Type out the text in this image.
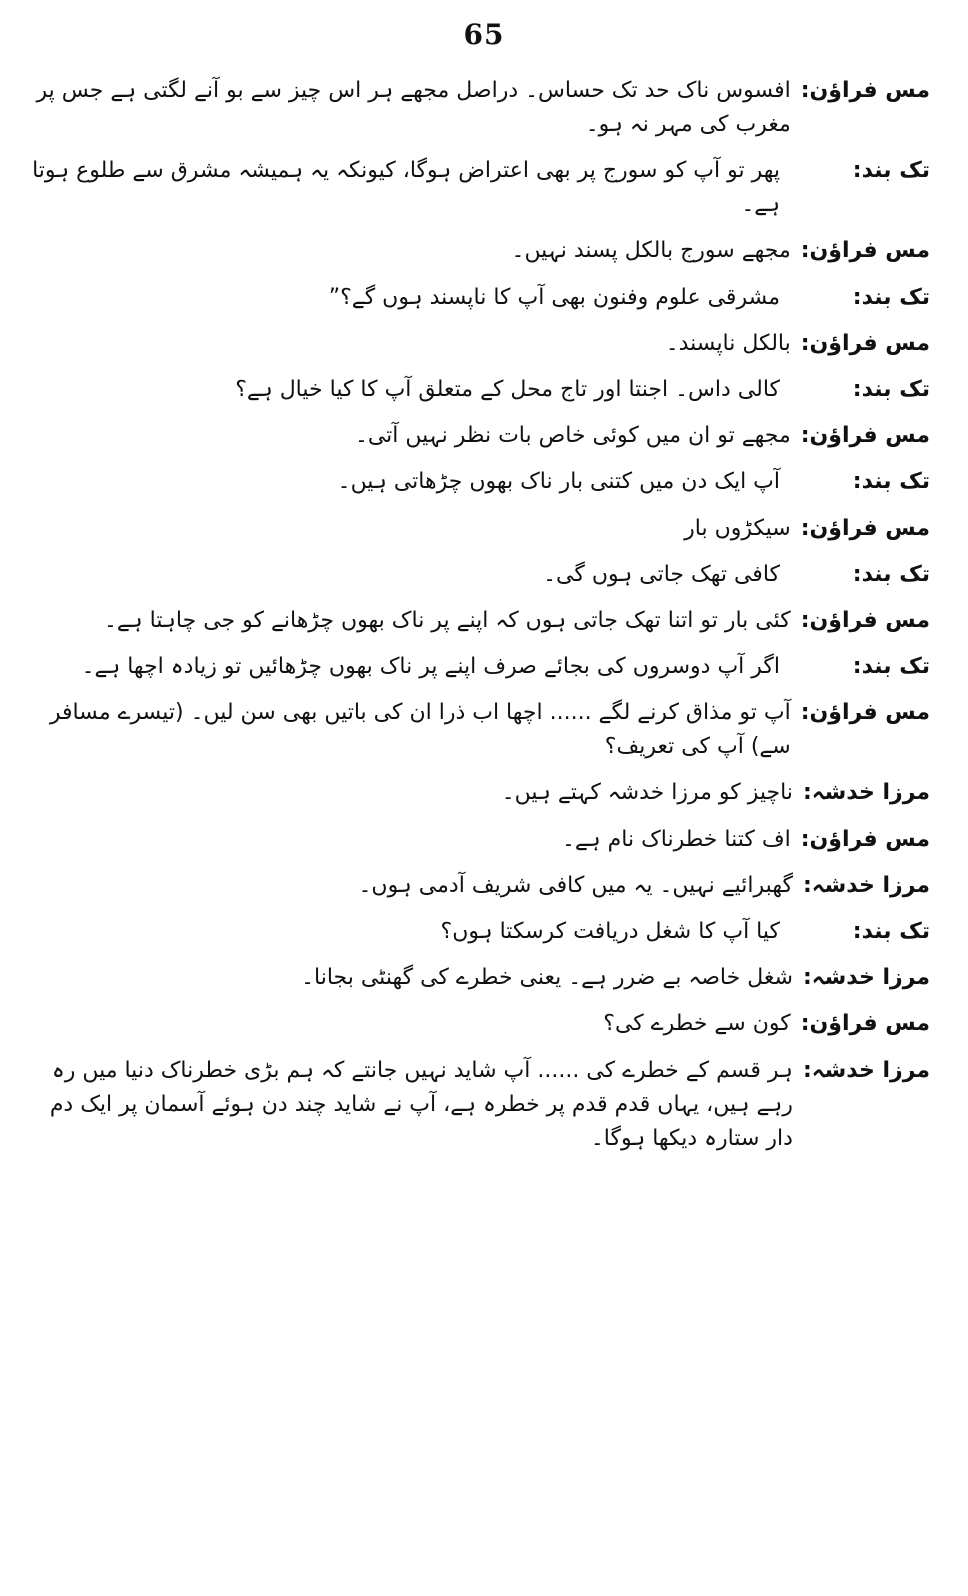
65
مس فراؤن:
افسوس ناک حد تک حساس۔ دراصل مجھے ہر اس چیز سے بو آنے لگتی ہے جس پر مغرب کی مہر نہ ہو۔
تک بند:
پھر تو آپ کو سورج پر بھی اعتراض ہوگا، کیونکہ یہ ہمیشہ مشرق سے طلوع ہوتا ہے۔
مس فراؤن:
مجھے سورج بالکل پسند نہیں۔
تک بند:
مشرقی علوم وفنون بھی آپ کا ناپسند ہوں گے؟”
مس فراؤن:
بالکل ناپسند۔
تک بند:
کالی داس۔ اجنتا اور تاج محل کے متعلق آپ کا کیا خیال ہے؟
مس فراؤن:
مجھے تو ان میں کوئی خاص بات نظر نہیں آتی۔
تک بند:
آپ ایک دن میں کتنی بار ناک بھوں چڑھاتی ہیں۔
مس فراؤن:
سیکڑوں بار
تک بند:
کافی تھک جاتی ہوں گی۔
مس فراؤن:
کئی بار تو اتنا تھک جاتی ہوں کہ اپنے پر ناک بھوں چڑھانے کو جی چاہتا ہے۔
تک بند:
اگر آپ دوسروں کی بجائے صرف اپنے پر ناک بھوں چڑھائیں تو زیادہ اچھا ہے۔
مس فراؤن:
آپ تو مذاق کرنے لگے ...... اچھا اب ذرا ان کی باتیں بھی سن لیں۔ (تیسرے مسافر سے) آپ کی تعریف؟
مرزا خدشہ:
ناچیز کو مرزا خدشہ کہتے ہیں۔
مس فراؤن:
اف کتنا خطرناک نام ہے۔
مرزا خدشہ:
گھبرائیے نہیں۔ یہ میں کافی شریف آدمی ہوں۔
تک بند:
کیا آپ کا شغل دریافت کرسکتا ہوں؟
مرزا خدشہ:
شغل خاصہ بے ضرر ہے۔ یعنی خطرے کی گھنٹی بجانا۔
مس فراؤن:
کون سے خطرے کی؟
مرزا خدشہ:
ہر قسم کے خطرے کی ...... آپ شاید نہیں جانتے کہ ہم بڑی خطرناک دنیا میں رہ رہے ہیں، یہاں قدم قدم پر خطرہ ہے، آپ نے شاید چند دن ہوئے آسمان پر ایک دم دار ستارہ دیکھا ہوگا۔
